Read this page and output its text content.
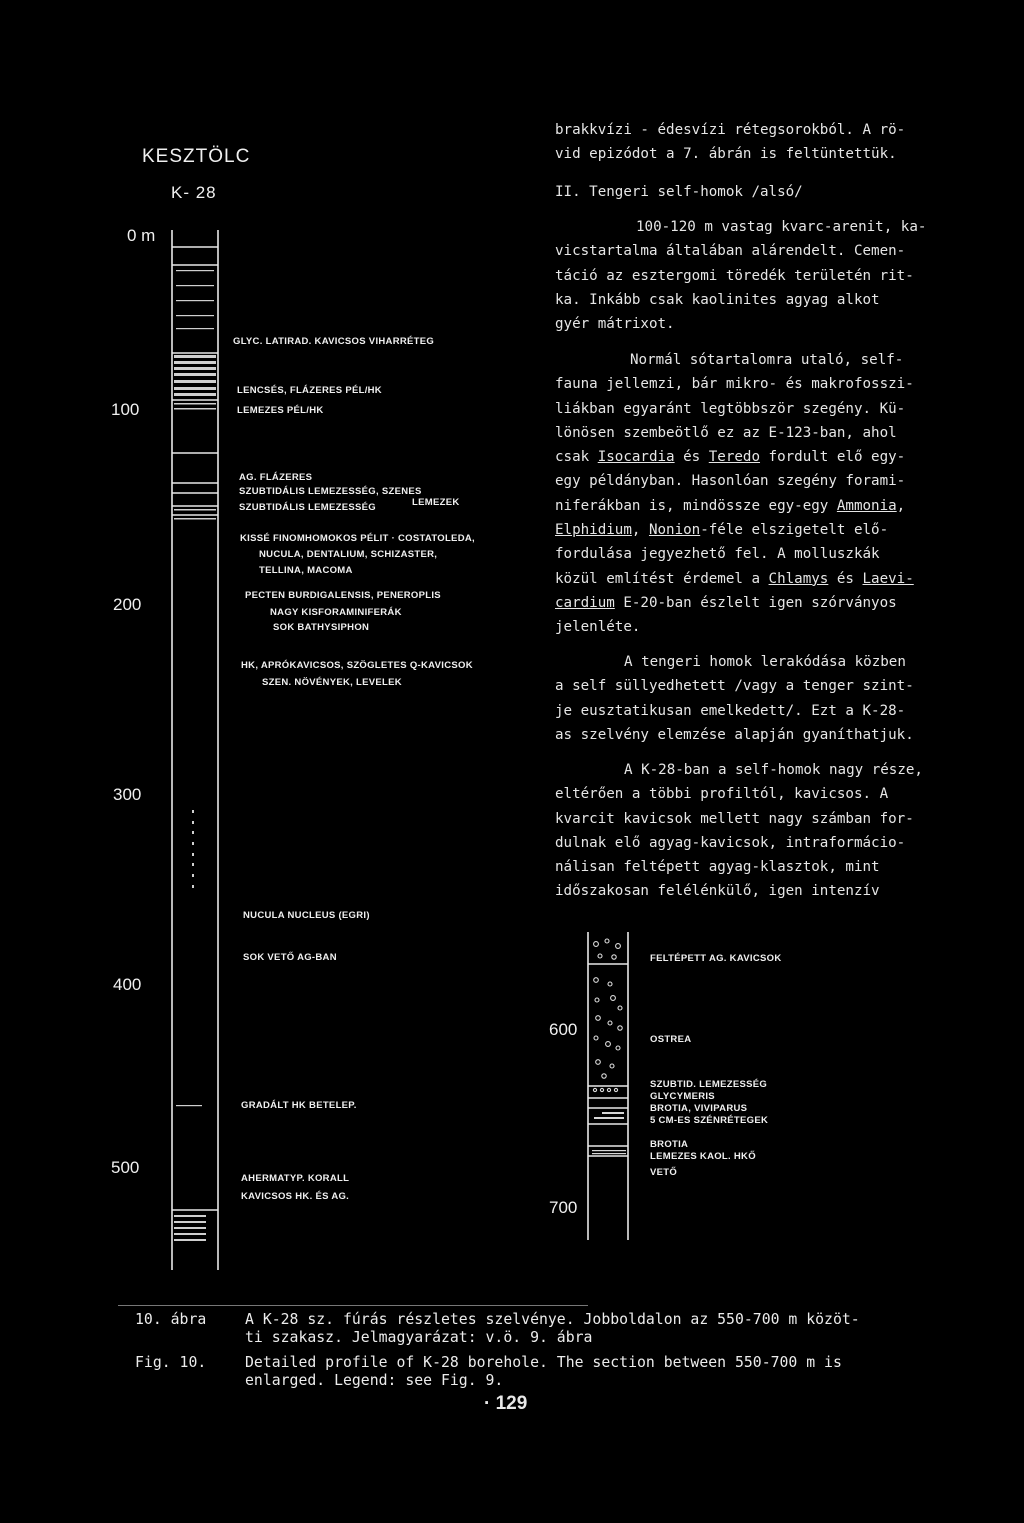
KESZTÖLC
K- 28
0 m
100
200
300
400
500
GLYC. LATIRAD. KAVICSOS VIHARRÉTEG
LENCSÉS, FLÁZERES PÉL/HK
LEMEZES PÉL/HK
AG. FLÁZERES
SZUBTIDÁLIS LEMEZESSÉG, SZENES
SZUBTIDÁLIS LEMEZESSÉG	LEMEZEK
KISSÉ FINOMHOMOKOS PÉLIT · COSTATOLEDA,
NUCULA, DENTALIUM, SCHIZASTER,
TELLINA, MACOMA
PECTEN BURDIGALENSIS, PENEROPLIS
NAGY KISFORAMINIFERÁK
SOK BATHYSIPHON
HK, APRÓKAVICSOS, SZÖGLETES Q-KAVICSOK
SZEN. NÖVÉNYEK, LEVELEK
NUCULA NUCLEUS (EGRI)
SOK VETŐ AG-BAN
GRADÁLT HK BETELEP.
AHERMATYP. KORALL
KAVICSOS HK. ÉS AG.
600
700
FELTÉPETT AG. KAVICSOK
OSTREA
SZUBTID. LEMEZESSÉG
GLYCYMERIS
BROTIA, VIVIPARUS
5 CM-ES SZÉNRÉTEGEK
BROTIA
LEMEZES KAOL. HKŐ
VETŐ
brakkvízi - édesvízi rétegsorokból. A rö-
vid epizódot a 7. ábrán is feltüntettük.
II. Tengeri self-homok /alsó/
100-120 m vastag kvarc-arenit, ka-
vicstartalma általában alárendelt. Cemen-
táció az esztergomi töredék területén rit-
ka. Inkább csak kaolinites agyag alkot
gyér mátrixot.
Normál sótartalomra utaló, self-
fauna jellemzi, bár mikro- és makrofosszi-
liákban egyaránt legtöbbször szegény. Kü-
lönösen szembeötlő ez az E-123-ban, ahol
csak Isocardia és Teredo fordult elő egy-
egy példányban. Hasonlóan szegény forami-
niferákban is, mindössze egy-egy Ammonia,
Elphidium, Nonion-féle elszigetelt elő-
fordulása jegyezhető fel. A molluszkák
közül említést érdemel a Chlamys és Laevi-
cardium E-20-ban észlelt igen szórványos
jelenléte.
A tengeri homok lerakódása közben
a self süllyedhetett /vagy a tenger szint-
je eusztatikusan emelkedett/. Ezt a K-28-
as szelvény elemzése alapján gyaníthatjuk.
A K-28-ban a self-homok nagy része,
eltérően a többi profiltól, kavicsos. A
kvarcit kavicsok mellett nagy számban for-
dulnak elő agyag-kavicsok, intraformácio-
nálisan feltépett agyag-klasztok, mint
időszakosan felélénkülő, igen intenzív
10. ábra	A K-28 sz. fúrás részletes szelvénye. Jobboldalon az 550-700 m közöt-
ti szakasz. Jelmagyarázat: v.ö. 9. ábra
Fig. 10.	Detailed profile of K-28 borehole. The section between 550-700 m is
enlarged. Legend: see Fig. 9.
· 129
